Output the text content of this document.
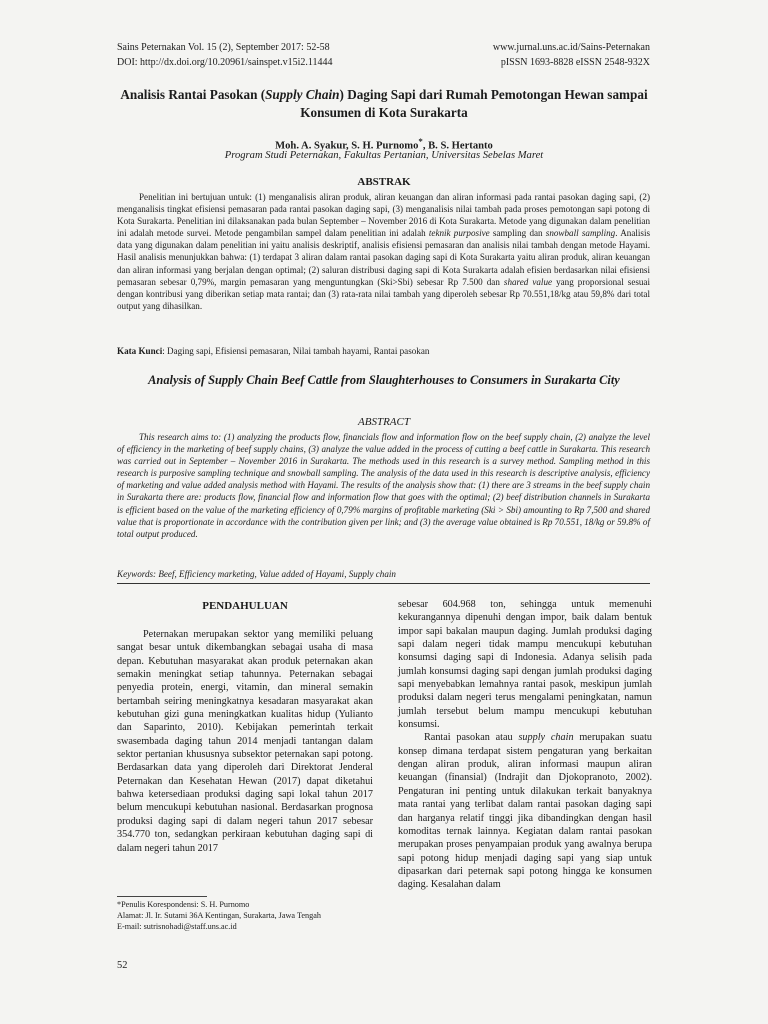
Sains Peternakan Vol. 15 (2), September 2017: 52-58
DOI: http://dx.doi.org/10.20961/sainspet.v15i2.11444
www.jurnal.uns.ac.id/Sains-Peternakan
pISSN 1693-8828 eISSN 2548-932X
Analisis Rantai Pasokan (Supply Chain) Daging Sapi dari Rumah Pemotongan Hewan sampai Konsumen di Kota Surakarta
Moh. A. Syakur, S. H. Purnomo*, B. S. Hertanto
Program Studi Peternakan, Fakultas Pertanian, Universitas Sebelas Maret
ABSTRAK

Penelitian ini bertujuan untuk: (1) menganalisis aliran produk, aliran keuangan dan aliran informasi pada rantai pasokan daging sapi, (2) menganalisis tingkat efisiensi pemasaran pada rantai pasokan daging sapi, (3) menganalisis nilai tambah pada proses pemotongan sapi potong di Kota Surakarta. Penelitian ini dilaksanakan pada bulan September – November 2016 di Kota Surakarta. Metode yang digunakan dalam penelitian ini adalah metode survei. Metode pengambilan sampel dalam penelitian ini adalah teknik purposive sampling dan snowball sampling. Analisis data yang digunakan dalam penelitian ini yaitu analisis deskriptif, analisis efisiensi pemasaran dan analisis nilai tambah dengan metode Hayami. Hasil analisis menunjukkan bahwa: (1) terdapat 3 aliran dalam rantai pasokan daging sapi di Kota Surakarta yaitu aliran produk, aliran keuangan dan aliran informasi yang berjalan dengan optimal; (2) saluran distribusi daging sapi di Kota Surakarta adalah efisien berdasarkan nilai efisiensi pemasaran sebesar 0,79%, margin pemasaran yang menguntungkan (Ski>Sbi) sebesar Rp 7.500 dan shared value yang proporsional sesuai dengan kontribusi yang diberikan setiap mata rantai; dan (3) rata-rata nilai tambah yang diperoleh sebesar Rp 70.551,18/kg atau 59,8% dari total output yang dihasilkan.

Kata Kunci: Daging sapi, Efisiensi pemasaran, Nilai tambah hayami, Rantai pasokan
Analysis of Supply Chain Beef Cattle from Slaughterhouses to Consumers in Surakarta City
ABSTRACT

This research aims to: (1) analyzing the products flow, financials flow and information flow on the beef supply chain, (2) analyze the level of efficiency in the marketing of beef supply chains, (3) analyze the value added in the process of cutting a beef cattle in Surakarta. This research was carried out in September – November 2016 in Surakarta. The methods used in this research is a survey method. Sampling method in this research is purposive sampling technique and snowball sampling. The analysis of the data used in this research is descriptive analysis, efficiency of marketing and value added analysis method with Hayami. The results of the analysis show that: (1) there are 3 streams in the beef supply chain in Surakarta there are: products flow, financial flow and information flow that goes with the optimal; (2) beef distribution channels in Surakarta is efficient based on the value of the marketing efficiency of 0,79% margins of profitable marketing (Ski > Sbi) amounting to Rp 7,500 and shared value that is proportionate in accordance with the contribution given per link; and (3) the average value obtained is Rp 70.551, 18/kg or 59.8% of total output produced.

Keywords: Beef, Efficiency marketing, Value added of Hayami, Supply chain
PENDAHULUAN

Peternakan merupakan sektor yang memiliki peluang sangat besar untuk dikembangkan sebagai usaha di masa depan. Kebutuhan masyarakat akan produk peternakan akan semakin meningkat setiap tahunnya. Peternakan sebagai penyedia protein, energi, vitamin, dan mineral semakin bertambah seiring meningkatnya kesadaran masyarakat akan kebutuhan gizi guna meningkatkan kualitas hidup (Yulianto dan Saparinto, 2010). Kebijakan pemerintah terkait swasembada daging tahun 2014 menjadi tantangan dalam sektor pertanian khususnya subsektor peternakan sapi potong. Berdasarkan data yang diperoleh dari Direktorat Jenderal Peternakan dan Kesehatan Hewan (2017) dapat diketahui bahwa ketersediaan produksi daging sapi lokal tahun 2017 belum mencukupi kebutuhan nasional. Berdasarkan prognosa produksi daging sapi di dalam negeri tahun 2017 sebesar 354.770 ton, sedangkan perkiraan kebutuhan daging sapi di dalam negeri tahun 2017

sebesar 604.968 ton, sehingga untuk memenuhi kekurangannya dipenuhi dengan impor, baik dalam bentuk impor sapi bakalan maupun daging. Jumlah produksi daging sapi dalam negeri tidak mampu mencukupi kebutuhan konsumsi daging sapi di Indonesia. Adanya selisih pada jumlah konsumsi daging sapi dengan jumlah produksi daging sapi menyebabkan lemahnya rantai pasok, meskipun jumlah produksi dalam negeri terus mengalami peningkatan, namun jumlah tersebut belum mampu mencukupi kebutuhan konsumsi.

Rantai pasokan atau supply chain merupakan suatu konsep dimana terdapat sistem pengaturan yang berkaitan dengan aliran produk, aliran informasi maupun aliran keuangan (finansial) (Indrajit dan Djokopranoto, 2002). Pengaturan ini penting untuk dilakukan terkait banyaknya mata rantai yang terlibat dalam rantai pasokan daging sapi dan harganya relatif tinggi jika dibandingkan dengan hasil komoditas ternak lainnya. Kegiatan dalam rantai pasokan merupakan proses penyampaian produk yang awalnya berupa sapi potong hidup menjadi daging sapi yang siap untuk dipasarkan dari peternak sapi potong hingga ke konsumen daging. Kesalahan dalam

*Penulis Korespondensi: S. H. Purnomo

Alamat: Jl. Ir. Sutami 36A Kentingan, Surakarta, Jawa Tengah

E-mail: sutrisnohadi@staff.uns.ac.id

52
